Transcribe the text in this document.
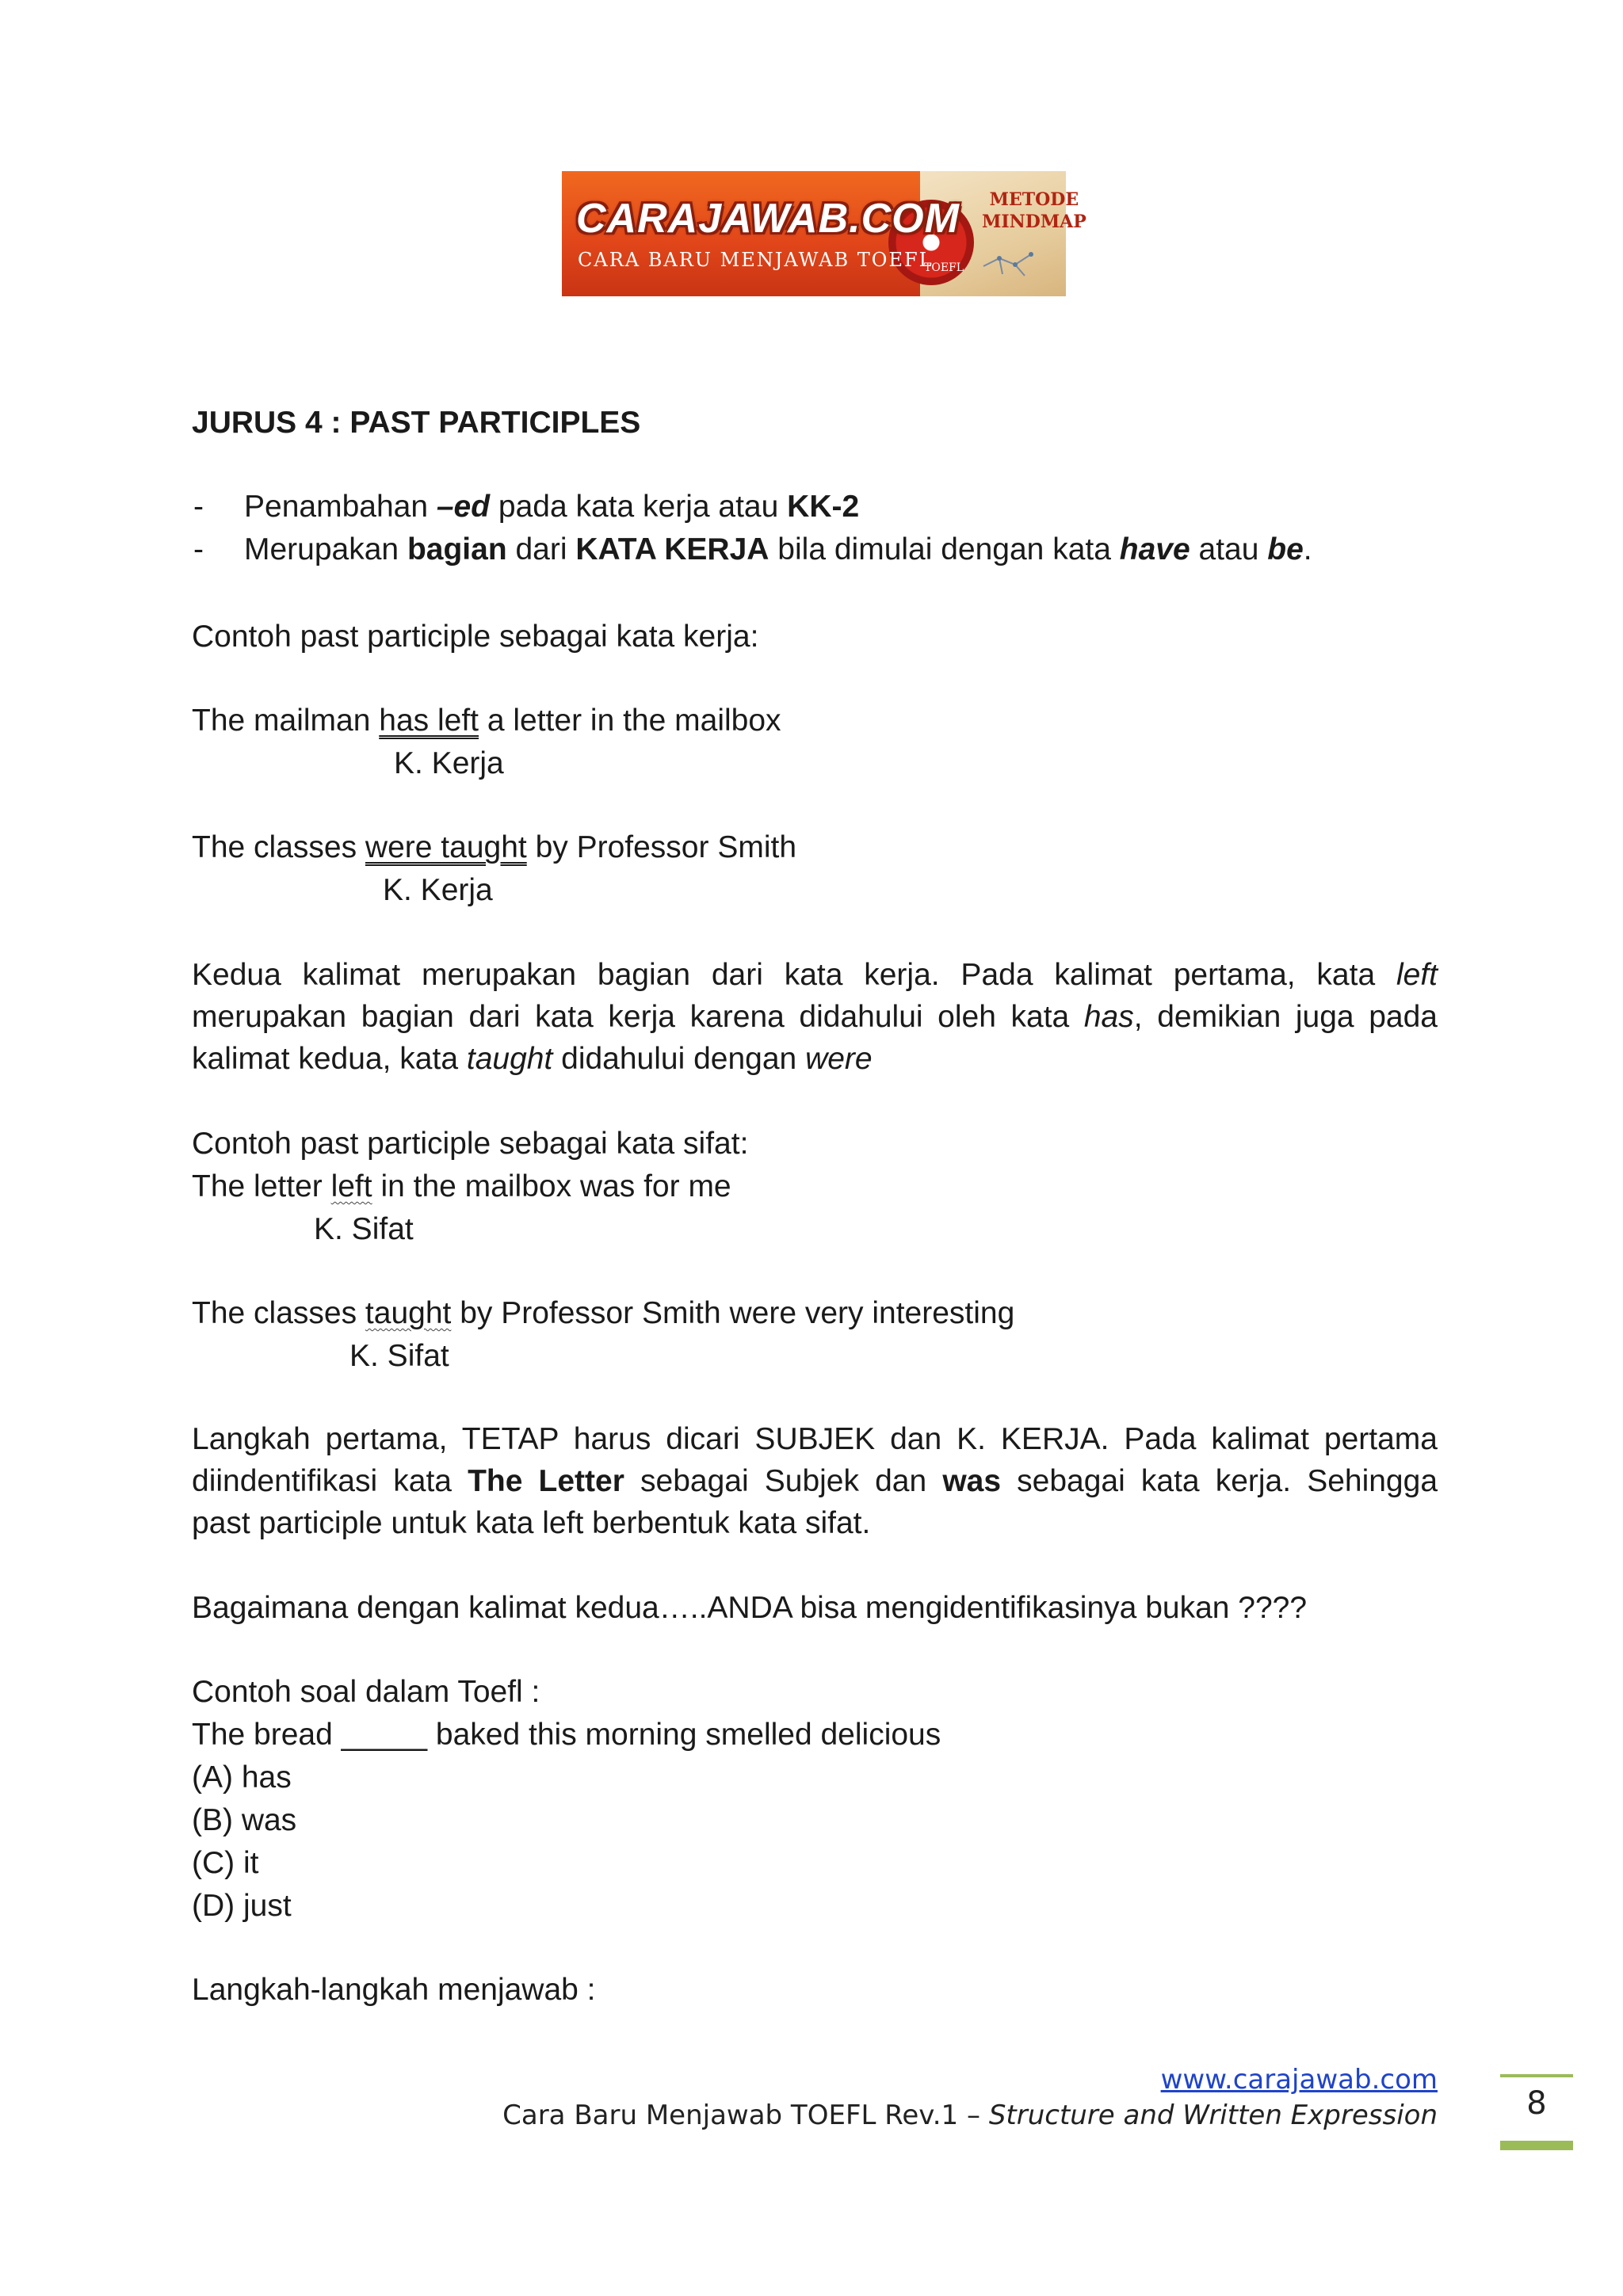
TOEFL
CARAJAWAB.COM
CARA BARU MENJAWAB TOEFL
METODE
MINDMAP
JURUS 4 : PAST PARTICIPLES
- Penambahan –ed pada kata kerja atau KK-2
- Merupakan bagian dari KATA KERJA bila dimulai dengan kata have atau be.
Contoh past participle sebagai kata kerja:
The mailman has left a letter in the mailbox
K. Kerja
The classes were taught by Professor Smith
K. Kerja
Kedua kalimat merupakan bagian dari kata kerja. Pada kalimat pertama, kata left
merupakan bagian dari kata kerja karena didahului oleh kata has, demikian juga pada
kalimat kedua, kata taught didahului dengan were
Contoh past participle sebagai kata sifat:
The letter left in the mailbox was for me
K. Sifat
The classes taught by Professor Smith were very interesting
K. Sifat
Langkah pertama, TETAP harus dicari SUBJEK dan K. KERJA. Pada kalimat pertama
diindentifikasi kata The Letter sebagai Subjek dan was sebagai kata kerja. Sehingga
past participle untuk kata left berbentuk kata sifat.
Bagaimana dengan kalimat kedua…..ANDA bisa mengidentifikasinya bukan ????
Contoh soal dalam Toefl :
The bread _____ baked this morning smelled delicious
(A) has
(B) was
(C) it
(D) just
Langkah-langkah menjawab :
www.carajawab.com
Cara Baru Menjawab TOEFL Rev.1 – Structure and Written Expression	8
